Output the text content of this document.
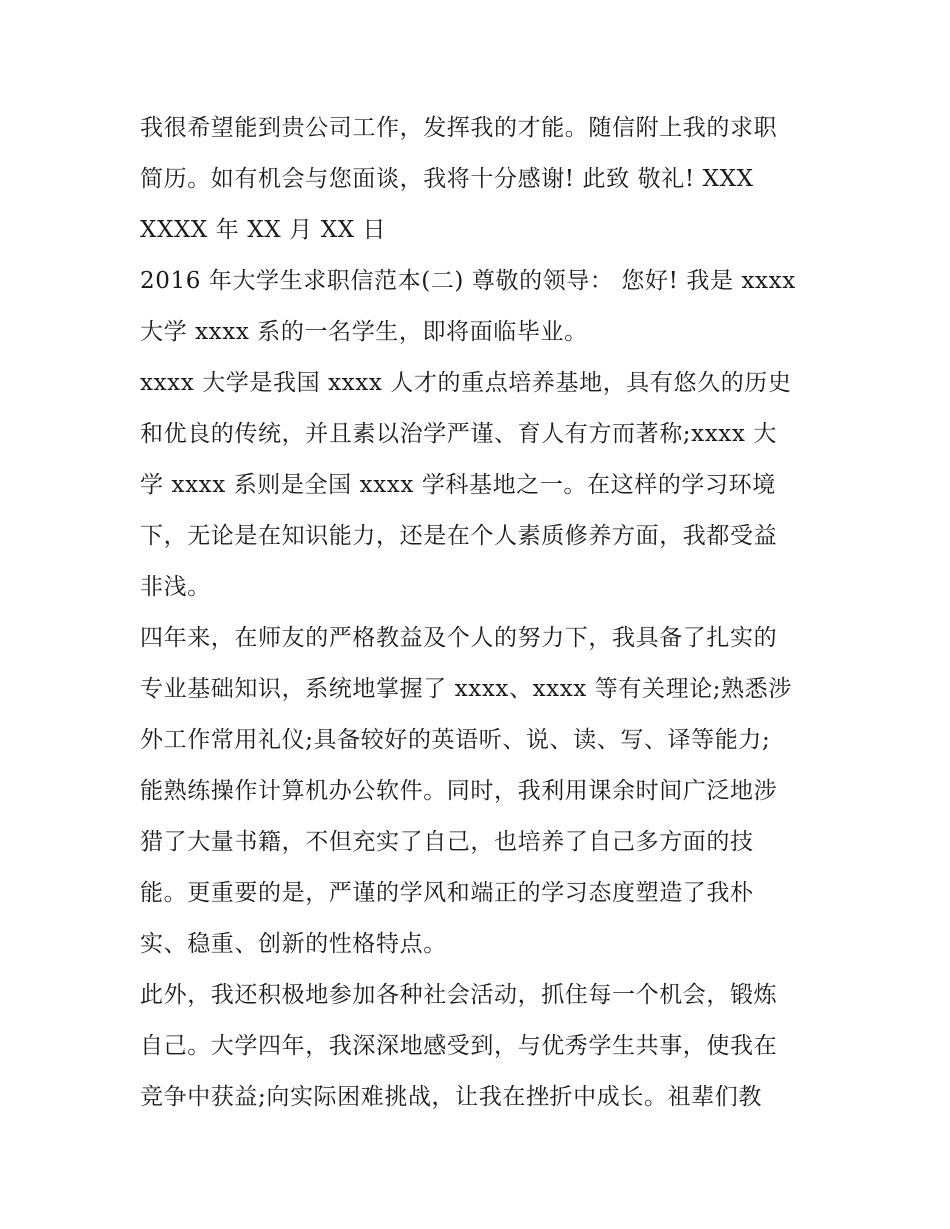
我很希望能到贵公司工作，发挥我的才能。随信附上我的求职
简历。如有机会与您面谈，我将十分感谢! 此致 敬礼! XXX
XXXX 年 XX 月 XX 日
2016 年大学生求职信范本(二) 尊敬的领导： 您好! 我是 xxxx
大学 xxxx 系的一名学生，即将面临毕业。
xxxx 大学是我国 xxxx 人才的重点培养基地，具有悠久的历史
和优良的传统，并且素以治学严谨、育人有方而著称;xxxx 大
学 xxxx 系则是全国 xxxx 学科基地之一。在这样的学习环境
下，无论是在知识能力，还是在个人素质修养方面，我都受益
非浅。
四年来，在师友的严格教益及个人的努力下，我具备了扎实的
专业基础知识，系统地掌握了 xxxx、xxxx 等有关理论;熟悉涉
外工作常用礼仪;具备较好的英语听、说、读、写、译等能力;
能熟练操作计算机办公软件。同时，我利用课余时间广泛地涉
猎了大量书籍，不但充实了自己，也培养了自己多方面的技
能。更重要的是，严谨的学风和端正的学习态度塑造了我朴
实、稳重、创新的性格特点。
此外，我还积极地参加各种社会活动，抓住每一个机会，锻炼
自己。大学四年，我深深地感受到，与优秀学生共事，使我在
竞争中获益;向实际困难挑战，让我在挫折中成长。祖辈们教
